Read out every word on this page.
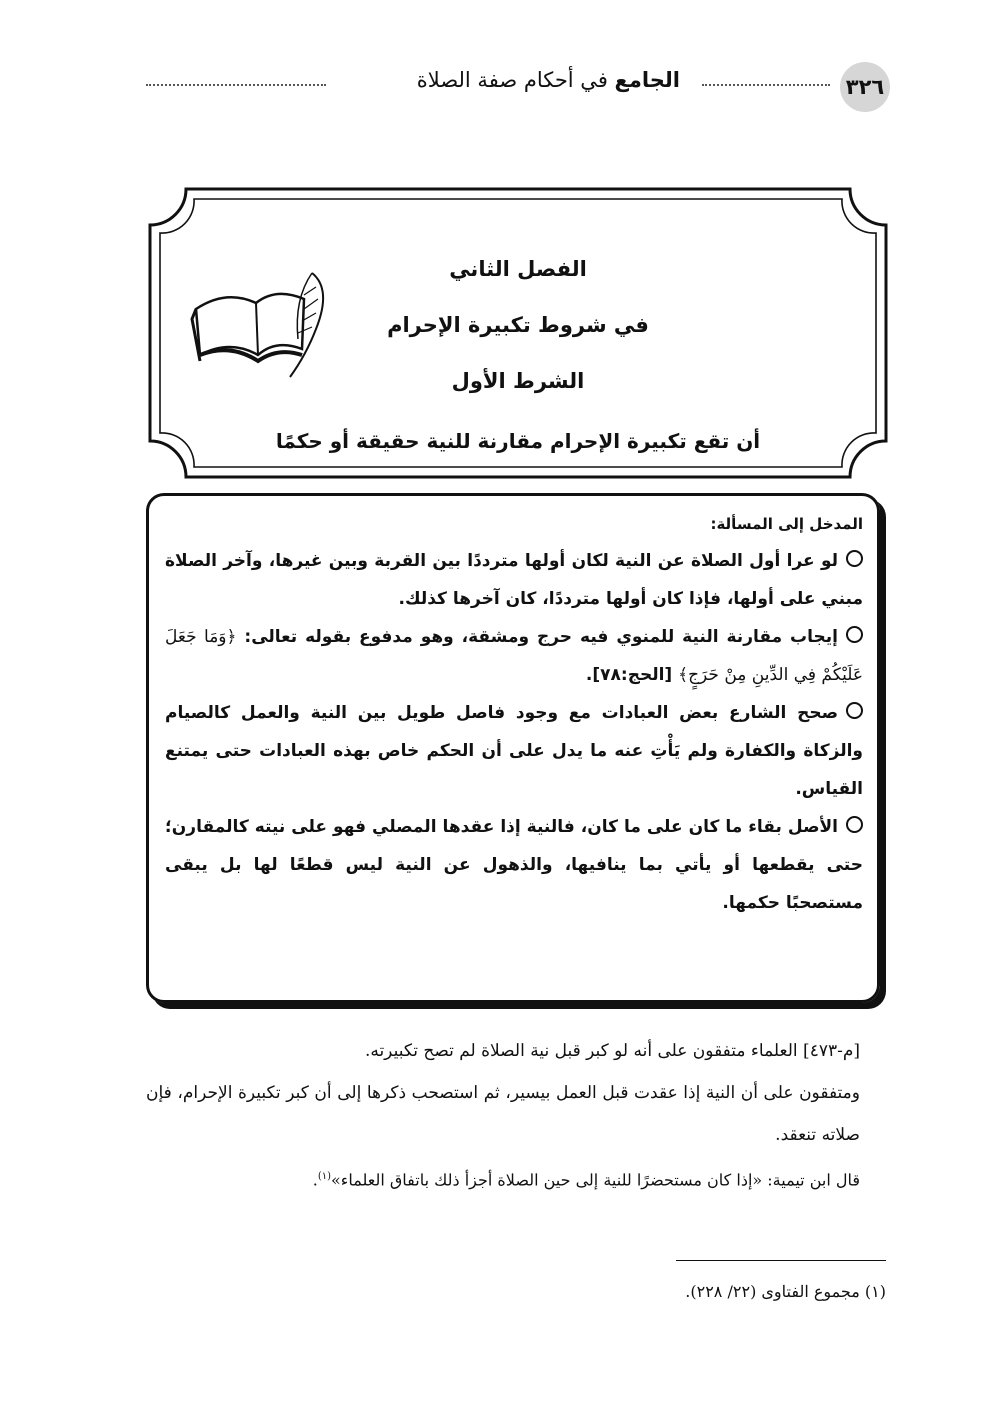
٣٢٦
الجامع في أحكام صفة الصلاة
الفصل الثاني
في شروط تكبيرة الإحرام
الشرط الأول
أن تقع تكبيرة الإحرام مقارنة للنية حقيقة أو حكمًا
المدخل إلى المسألة:
لو عرا أول الصلاة عن النية لكان أولها مترددًا بين القربة وبين غيرها، وآخر الصلاة مبني على أولها، فإذا كان أولها مترددًا، كان آخرها كذلك.
إيجاب مقارنة النية للمنوي فيه حرج ومشقة، وهو مدفوع بقوله تعالى: ﴿وَمَا جَعَلَ عَلَيْكُمْ فِي الدِّينِ مِنْ حَرَجٍ﴾ [الحج:٧٨].
صحح الشارع بعض العبادات مع وجود فاصل طويل بين النية والعمل كالصيام والزكاة والكفارة ولم يَأْتِ عنه ما يدل على أن الحكم خاص بهذه العبادات حتى يمتنع القياس.
الأصل بقاء ما كان على ما كان، فالنية إذا عقدها المصلي فهو على نيته كالمقارن؛ حتى يقطعها أو يأتي بما ينافيها، والذهول عن النية ليس قطعًا لها بل يبقى مستصحبًا حكمها.

[م-٤٧٣] العلماء متفقون على أنه لو كبر قبل نية الصلاة لم تصح تكبيرته.

ومتفقون على أن النية إذا عقدت قبل العمل بيسير، ثم استصحب ذكرها إلى أن كبر تكبيرة الإحرام، فإن صلاته تنعقد.

قال ابن تيمية: «إذا كان مستحضرًا للنية إلى حين الصلاة أجزأ ذلك باتفاق العلماء»$^{(١)}$.

(١) مجموع الفتاوى (٢٢/ ٢٢٨).
